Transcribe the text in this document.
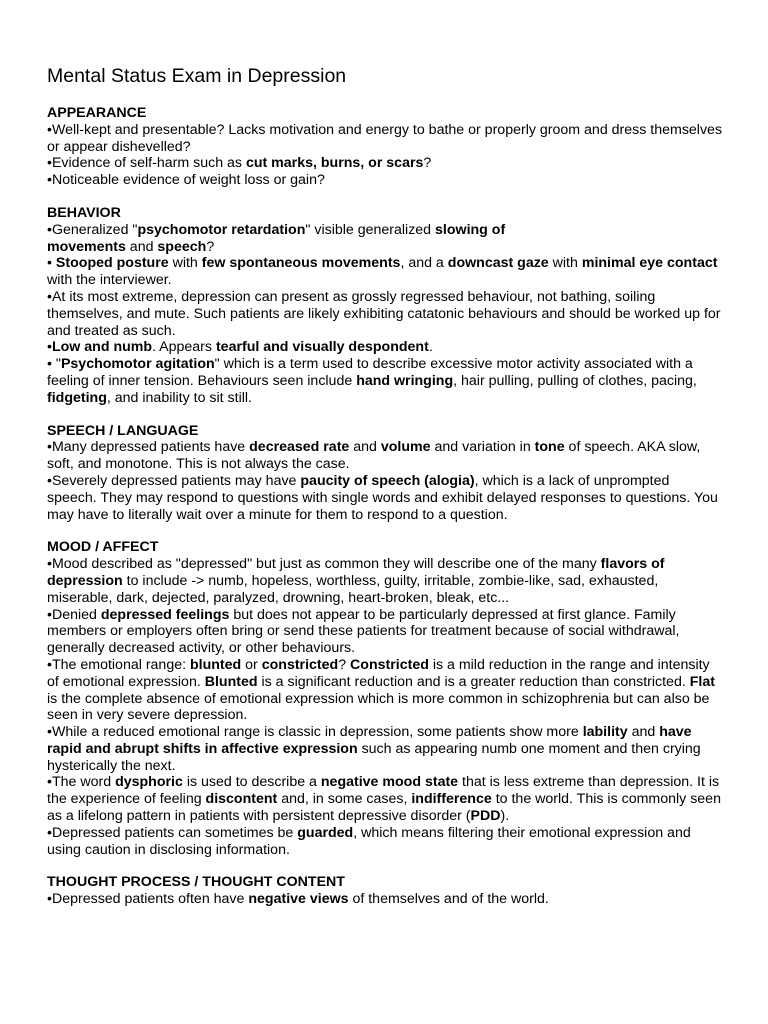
Mental Status Exam in Depression
APPEARANCE
•Well-kept and presentable? Lacks motivation and energy to bathe or properly groom and dress themselves or appear dishevelled?
•Evidence of self-harm such as cut marks, burns, or scars?
•Noticeable evidence of weight loss or gain?
BEHAVIOR
•Generalized "psychomotor retardation" visible generalized slowing of
movements and speech?
• Stooped posture with few spontaneous movements, and a downcast gaze with minimal eye contact with the interviewer.
•At its most extreme, depression can present as grossly regressed behaviour, not bathing, soiling themselves, and mute. Such patients are likely exhibiting catatonic behaviours and should be worked up for and treated as such.
•Low and numb. Appears tearful and visually despondent.
• "Psychomotor agitation" which is a term used to describe excessive motor activity associated with a feeling of inner tension. Behaviours seen include hand wringing, hair pulling, pulling of clothes, pacing, fidgeting, and inability to sit still.
SPEECH / LANGUAGE
•Many depressed patients have decreased rate and volume and variation in tone of speech. AKA slow, soft, and monotone. This is not always the case.
•Severely depressed patients may have paucity of speech (alogia), which is a lack of unprompted speech. They may respond to questions with single words and exhibit delayed responses to questions. You may have to literally wait over a minute for them to respond to a question.
MOOD / AFFECT
•Mood described as "depressed" but just as common they will describe one of the many flavors of depression to include -> numb, hopeless, worthless, guilty, irritable, zombie-like, sad, exhausted, miserable, dark, dejected, paralyzed, drowning, heart-broken, bleak, etc...
•Denied depressed feelings but does not appear to be particularly depressed at first glance. Family members or employers often bring or send these patients for treatment because of social withdrawal, generally decreased activity, or other behaviours.
•The emotional range: blunted or constricted? Constricted is a mild reduction in the range and intensity of emotional expression. Blunted is a significant reduction and is a greater reduction than constricted. Flat is the complete absence of emotional expression which is more common in schizophrenia but can also be seen in very severe depression.
•While a reduced emotional range is classic in depression, some patients show more lability and have rapid and abrupt shifts in affective expression such as appearing numb one moment and then crying hysterically the next.
•The word dysphoric is used to describe a negative mood state that is less extreme than depression. It is the experience of feeling discontent and, in some cases, indifference to the world. This is commonly seen as a lifelong pattern in patients with persistent depressive disorder (PDD).
•Depressed patients can sometimes be guarded, which means filtering their emotional expression and using caution in disclosing information.
THOUGHT PROCESS / THOUGHT CONTENT
•Depressed patients often have negative views of themselves and of the world.
